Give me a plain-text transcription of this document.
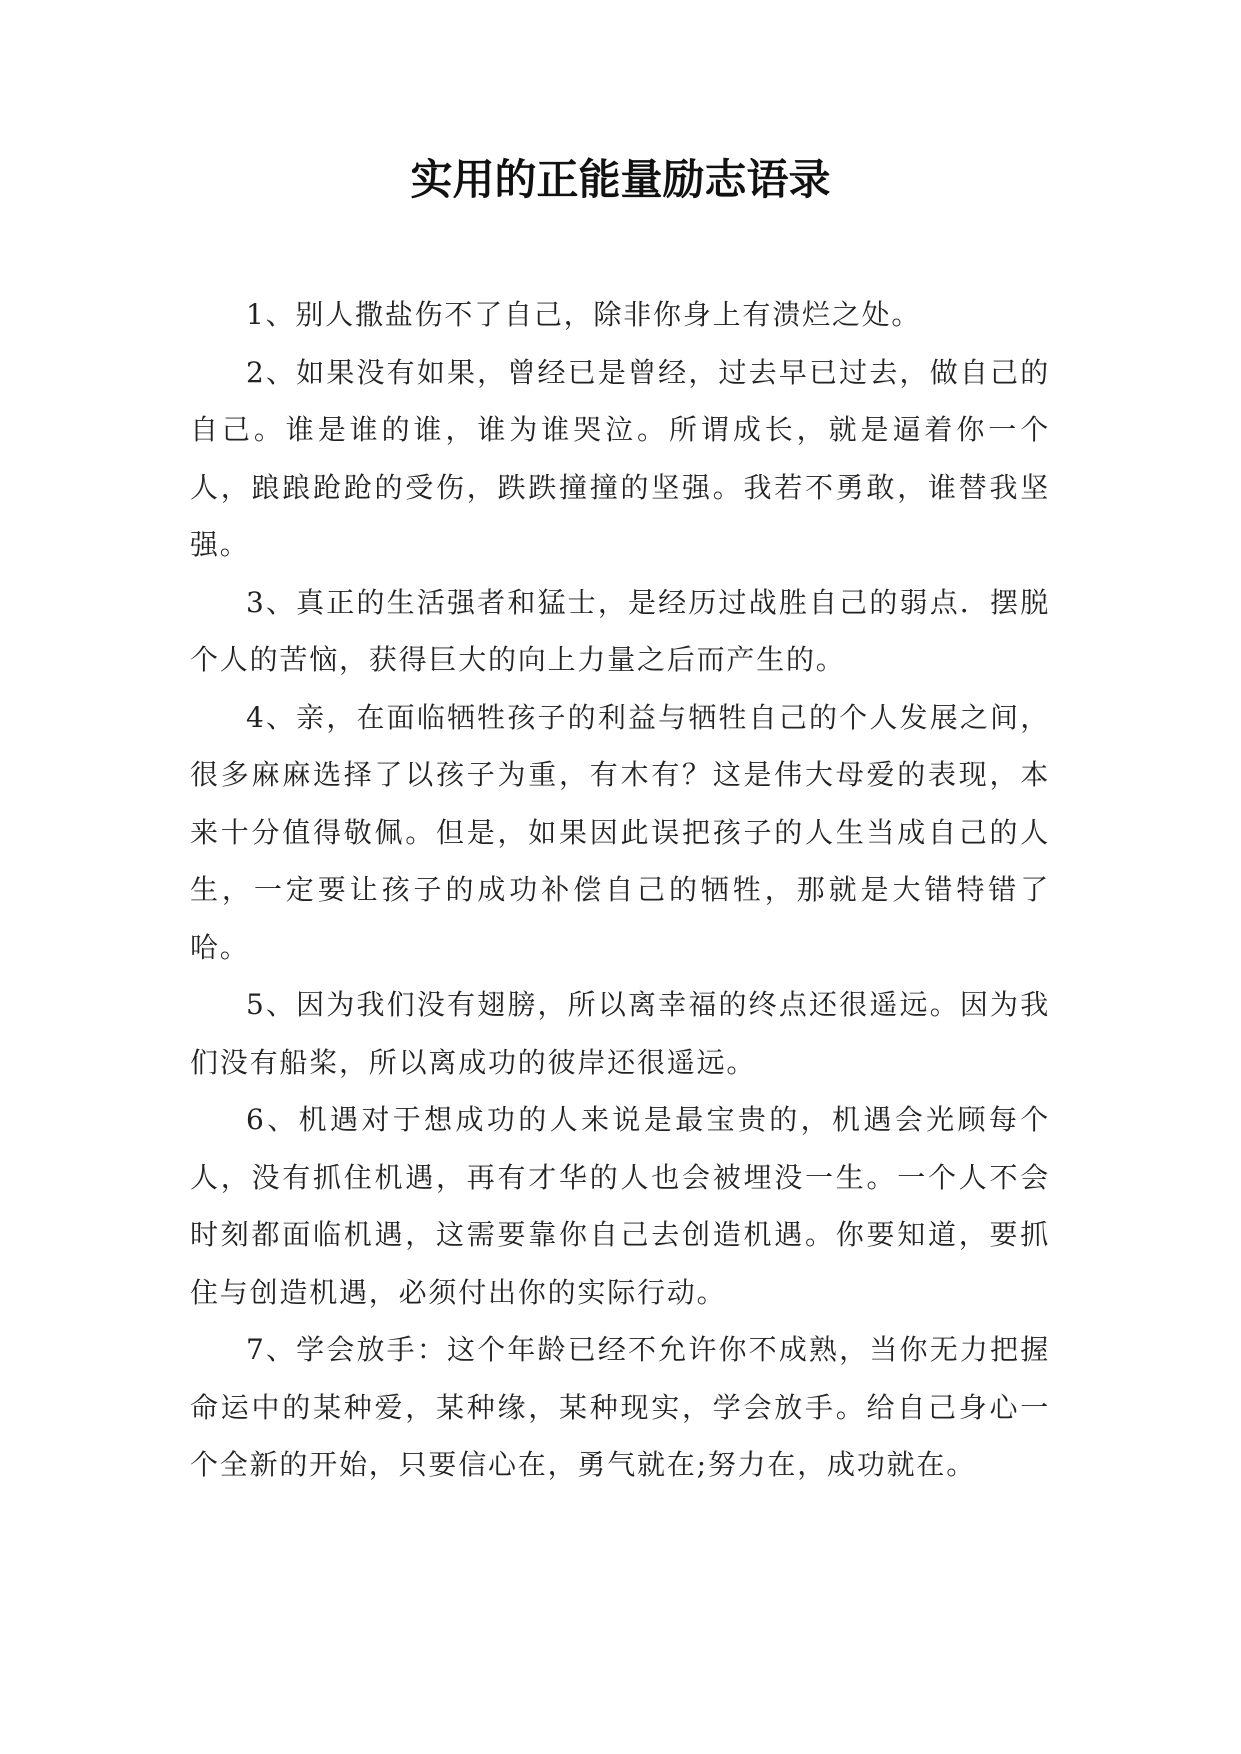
实用的正能量励志语录

1、别人撒盐伤不了自己，除非你身上有溃烂之处。

2、如果没有如果，曾经已是曾经，过去早已过去，做自己的自己。谁是谁的谁，谁为谁哭泣。所谓成长，就是逼着你一个人，踉踉跄跄的受伤，跌跌撞撞的坚强。我若不勇敢，谁替我坚强。

3、真正的生活强者和猛士，是经历过战胜自己的弱点．摆脱个人的苦恼，获得巨大的向上力量之后而产生的。

4、亲，在面临牺牲孩子的利益与牺牲自己的个人发展之间，很多麻麻选择了以孩子为重，有木有？这是伟大母爱的表现，本来十分值得敬佩。但是，如果因此误把孩子的人生当成自己的人生，一定要让孩子的成功补偿自己的牺牲，那就是大错特错了哈。

5、因为我们没有翅膀，所以离幸福的终点还很遥远。因为我们没有船桨，所以离成功的彼岸还很遥远。

6、机遇对于想成功的人来说是最宝贵的，机遇会光顾每个人，没有抓住机遇，再有才华的人也会被埋没一生。一个人不会时刻都面临机遇，这需要靠你自己去创造机遇。你要知道，要抓住与创造机遇，必须付出你的实际行动。

7、学会放手：这个年龄已经不允许你不成熟，当你无力把握命运中的某种爱，某种缘，某种现实，学会放手。给自己身心一个全新的开始，只要信心在，勇气就在;努力在，成功就在。
